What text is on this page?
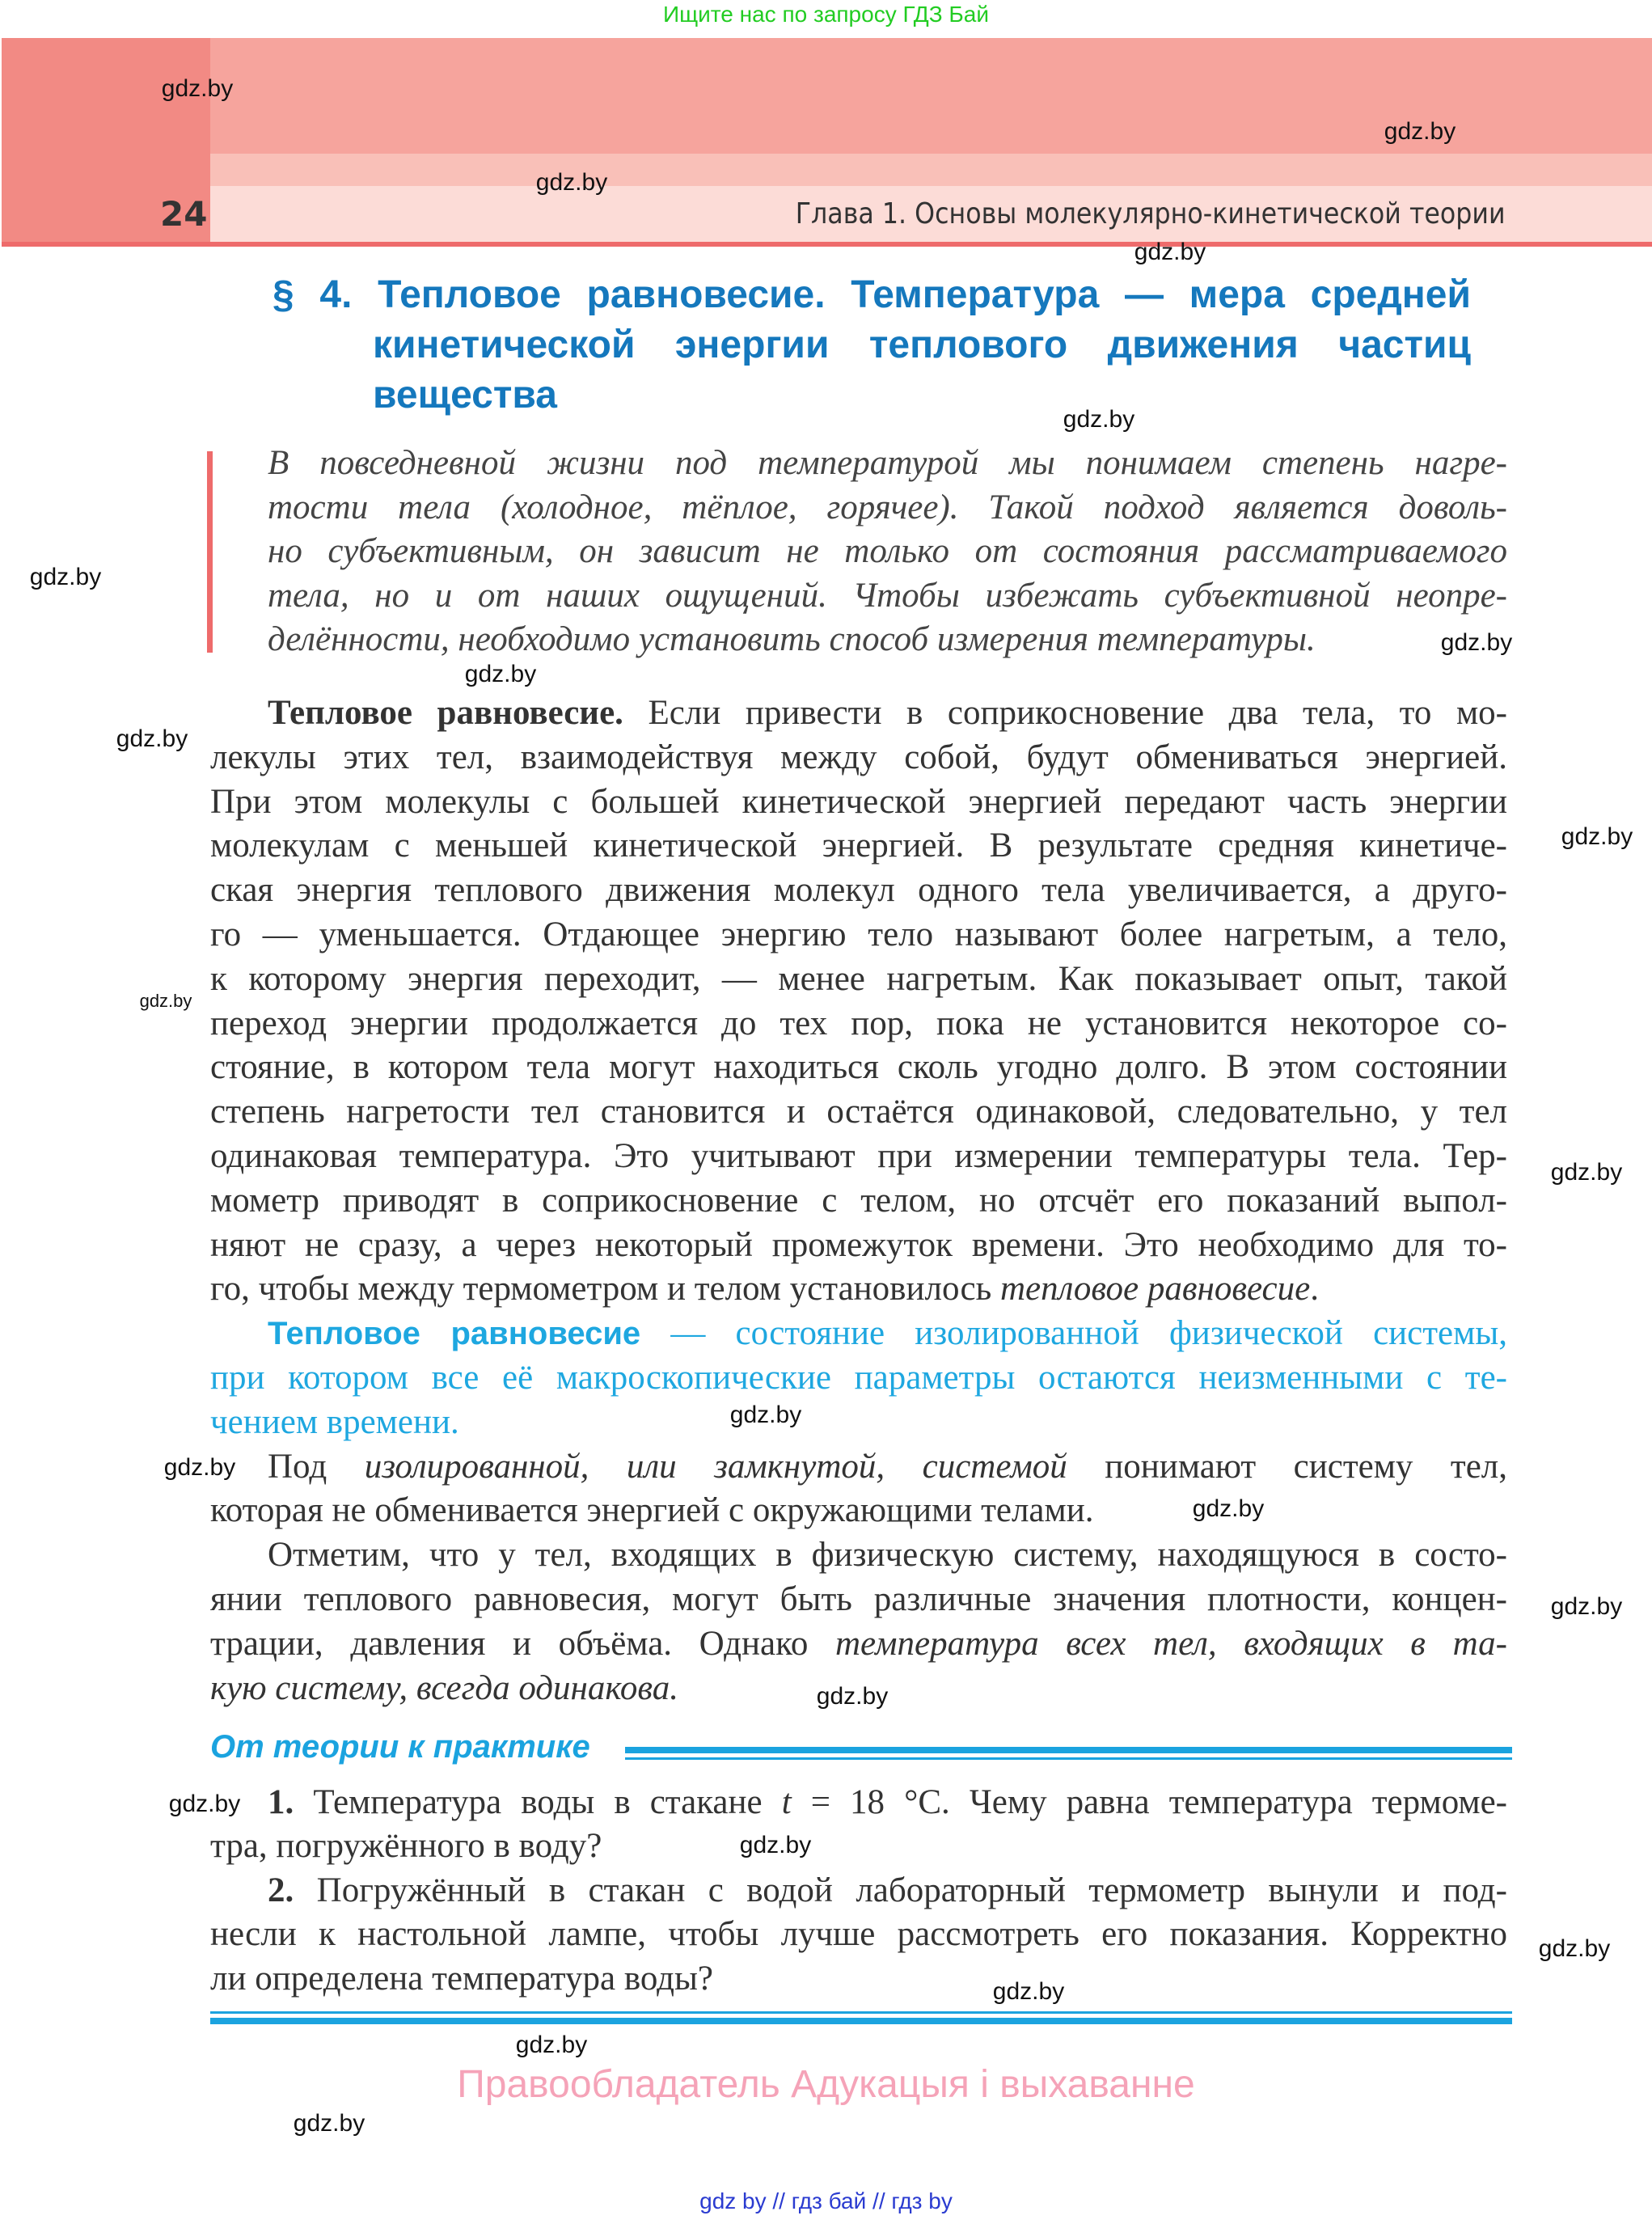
Ищите нас по запросу ГДЗ Бай
24	Глава 1. Основы молекулярно-кинетической теории
§ 4. Тепловое равновесие. Температура — мера средней
кинетической энергии теплового движения частиц
вещества
В повседневной жизни под температурой мы понимаем степень нагре-
тости тела (холодное, тёплое, горячее). Такой подход является доволь-
но субъективным, он зависит не только от состояния рассматриваемого
тела, но и от наших ощущений. Чтобы избежать субъективной неопре-
делённости, необходимо установить способ измерения температуры.
Тепловое равновесие. Если привести в соприкосновение два тела, то мо-
лекулы этих тел, взаимодействуя между собой, будут обмениваться энергией.
При этом молекулы с большей кинетической энергией передают часть энергии
молекулам с меньшей кинетической энергией. В результате средняя кинетиче-
ская энергия теплового движения молекул одного тела увеличивается, а друго-
го — уменьшается. Отдающее энергию тело называют более нагретым, а тело,
к которому энергия переходит, — менее нагретым. Как показывает опыт, такой
переход энергии продолжается до тех пор, пока не установится некоторое со-
стояние, в котором тела могут находиться сколь угодно долго. В этом состоянии
степень нагретости тел становится и остаётся одинаковой, следовательно, у тел
одинаковая температура. Это учитывают при измерении температуры тела. Тер-
мометр приводят в соприкосновение с телом, но отсчёт его показаний выпол-
няют не сразу, а через некоторый промежуток времени. Это необходимо для то-
го, чтобы между термометром и телом установилось тепловое равновесие.
Тепловое равновесие — состояние изолированной физической системы,
при котором все её макроскопические параметры остаются неизменными с те-
чением времени.
Под изолированной, или замкнутой, системой понимают систему тел,
которая не обменивается энергией с окружающими телами.
Отметим, что у тел, входящих в физическую систему, находящуюся в состо-
янии теплового равновесия, могут быть различные значения плотности, концен-
трации, давления и объёма. Однако температура всех тел, входящих в та-
кую систему, всегда одинакова.
От теории к практике
1. Температура воды в стакане t = 18 °C. Чему равна температура термоме-
тра, погружённого в воду?
2. Погружённый в стакан с водой лабораторный термометр вынули и под-
несли к настольной лампе, чтобы лучше рассмотреть его показания. Корректно
ли определена температура воды?
Правообладатель Адукацыя і выхаванне
gdz by // гдз бай // гдз by
gdz.by
gdz.by
gdz.by
gdz.by
gdz.by
gdz.by
gdz.by
gdz.by
gdz.by
gdz.by
gdz.by
gdz.by
gdz.by
gdz.by
gdz.by
gdz.by
gdz.by
gdz.by
gdz.by
gdz.by
gdz.by
gdz.by
gdz.by
